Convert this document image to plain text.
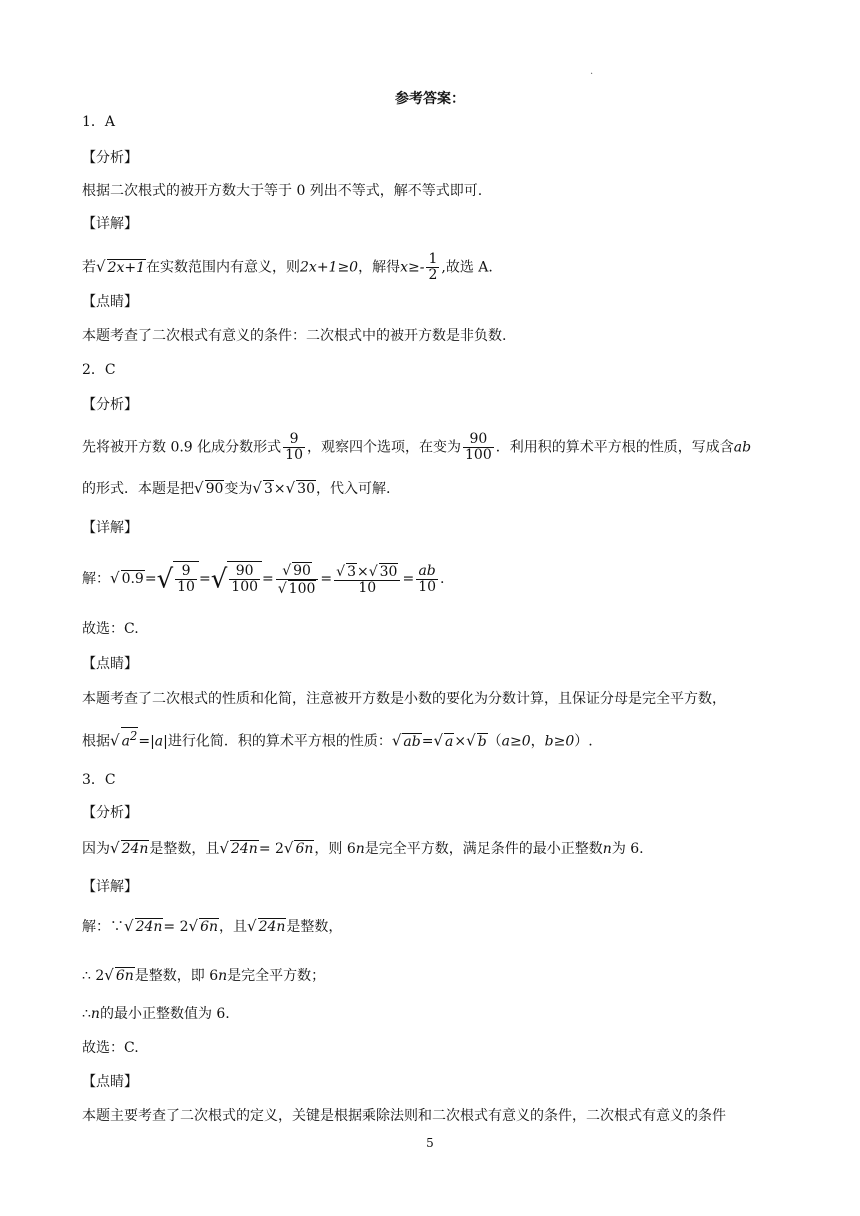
.
参考答案：
1．A
【分析】
根据二次根式的被开方数大于等于 0 列出不等式，解不等式即可.
【详解】
若√ 2x+1在实数范围内有意义，则2x+1≥0，解得$x\ge- \frac{1}{2}$ ,故选 A.
【点睛】
本题考查了二次根式有意义的条件：二次根式中的被开方数是非负数.
2．C
【分析】
先将被开方数 0.9 化成分数形式 $\frac{9}{10}$ ，观察四个选项，在变为 $\frac{90}{100}$ ．利用积的算术平方根的性质，写成含ab
的形式．本题是把√ 90变为√ 3×√ 30，代入可解.
【详解】
解：√ $0.9=√ \frac{9}{10}$ =√ $\frac{90}{100} = \frac{√ 90}{√ 100} = \frac{√ 3\times√ 30}{10} = \frac{ab}{10}$ .
故选：C.
【点睛】
本题考查了二次根式的性质和化简，注意被开方数是小数的要化为分数计算，且保证分母是完全平方数，
根据√ $a^2=|a|$进行化简．积的算术平方根的性质：√ ab=√ a×√ b（a≥0，b≥0）.
3．C
【分析】
因为√ 24n是整数，且√ 24n= 2√ 6n，则 6n是完全平方数，满足条件的最小正整数n为 6.
【详解】
解：∵√ 24n= 2√ 6n，且√ 24n是整数，
∴ 2√ 6n是整数，即 6n是完全平方数；
∴n的最小正整数值为 6.
故选：C.
【点睛】
本题主要考查了二次根式的定义，关键是根据乘除法则和二次根式有意义的条件，二次根式有意义的条件
5
